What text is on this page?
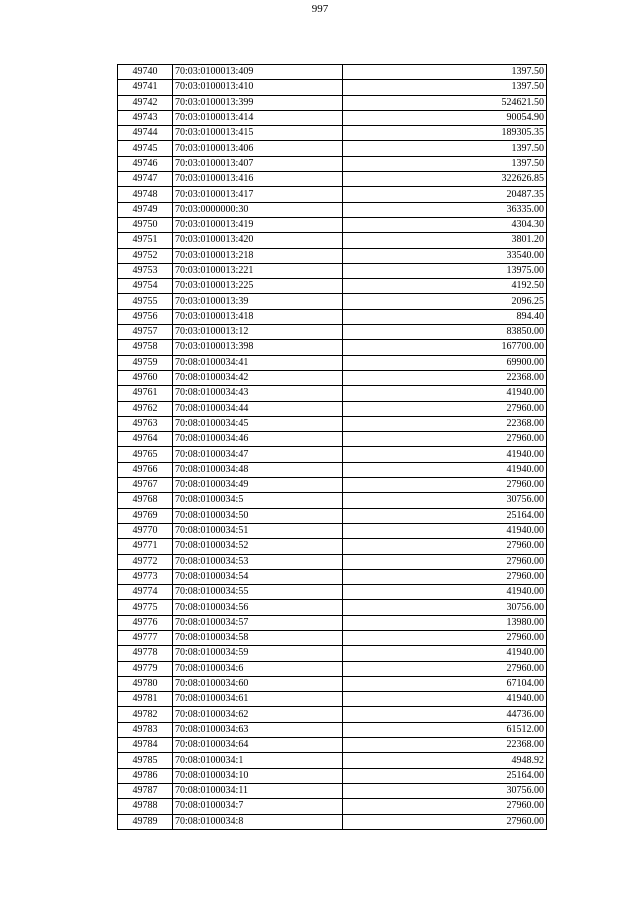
997
49740	70:03:0100013:409	1397.50
49741	70:03:0100013:410	1397.50
49742	70:03:0100013:399	524621.50
49743	70:03:0100013:414	90054.90
49744	70:03:0100013:415	189305.35
49745	70:03:0100013:406	1397.50
49746	70:03:0100013:407	1397.50
49747	70:03:0100013:416	322626.85
49748	70:03:0100013:417	20487.35
49749	70:03:0000000:30	36335.00
49750	70:03:0100013:419	4304.30
49751	70:03:0100013:420	3801.20
49752	70:03:0100013:218	33540.00
49753	70:03:0100013:221	13975.00
49754	70:03:0100013:225	4192.50
49755	70:03:0100013:39	2096.25
49756	70:03:0100013:418	894.40
49757	70:03:0100013:12	83850.00
49758	70:03:0100013:398	167700.00
49759	70:08:0100034:41	69900.00
49760	70:08:0100034:42	22368.00
49761	70:08:0100034:43	41940.00
49762	70:08:0100034:44	27960.00
49763	70:08:0100034:45	22368.00
49764	70:08:0100034:46	27960.00
49765	70:08:0100034:47	41940.00
49766	70:08:0100034:48	41940.00
49767	70:08:0100034:49	27960.00
49768	70:08:0100034:5	30756.00
49769	70:08:0100034:50	25164.00
49770	70:08:0100034:51	41940.00
49771	70:08:0100034:52	27960.00
49772	70:08:0100034:53	27960.00
49773	70:08:0100034:54	27960.00
49774	70:08:0100034:55	41940.00
49775	70:08:0100034:56	30756.00
49776	70:08:0100034:57	13980.00
49777	70:08:0100034:58	27960.00
49778	70:08:0100034:59	41940.00
49779	70:08:0100034:6	27960.00
49780	70:08:0100034:60	67104.00
49781	70:08:0100034:61	41940.00
49782	70:08:0100034:62	44736.00
49783	70:08:0100034:63	61512.00
49784	70:08:0100034:64	22368.00
49785	70:08:0100034:1	4948.92
49786	70:08:0100034:10	25164.00
49787	70:08:0100034:11	30756.00
49788	70:08:0100034:7	27960.00
49789	70:08:0100034:8	27960.00
